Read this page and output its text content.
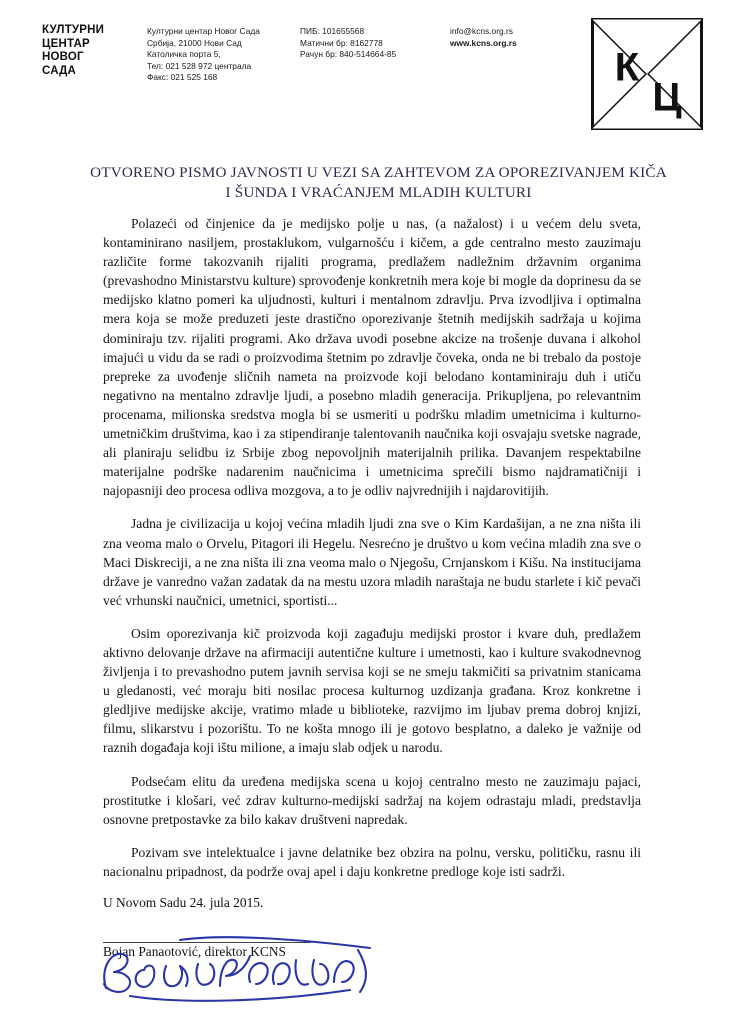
КУЛТУРНИ
ЦЕНТАР
НОВОГ
САДА
Културни центар Новог Сада
Србија, 21000 Нови Сад
Католичка порта 5,
Тел: 021 528 972 централа
Факс: 021 525 168
ПИБ: 101655568
Матични бр: 8162778
Рачун бр: 840-514664-85
info@kcns.org.rs
www.kcns.org.rs
К
Ц
OTVORENO PISMO JAVNOSTI U VEZI SA ZAHTEVOM ZA OPOREZIVANJEM KIČA
I ŠUNDA I VRAĆANJEM MLADIH KULTURI

Polazeći od činjenice da je medijsko polje u nas, (a nažalost) i u većem delu sveta, kontaminirano nasiljem, prostaklukom, vulgarnošću i kičem, a gde centralno mesto zauzimaju različite forme takozvanih rijaliti programa, predlažem nadležnim državnim organima (prevashodno Ministarstvu kulture) sprovođenje konkretnih mera koje bi mogle da doprinesu da se medijsko klatno pomeri ka uljudnosti, kulturi i mentalnom zdravlju. Prva izvodljiva i optimalna mera koja se može preduzeti jeste drastično oporezivanje štetnih medijskih sadržaja u kojima dominiraju tzv. rijaliti programi. Ako država uvodi posebne akcize na trošenje duvana i alkohol imajući u vidu da se radi o proizvodima štetnim po zdravlje čoveka, onda ne bi trebalo da postoje prepreke za uvođenje sličnih nameta na proizvode koji belodano kontaminiraju duh i utiču negativno na mentalno zdravlje ljudi, a posebno mladih generacija. Prikupljena, po relevantnim procenama, milionska sredstva mogla bi se usmeriti u podršku mladim umetnicima i kulturno-umetničkim društvima, kao i za stipendiranje talentovanih naučnika koji osvajaju svetske nagrade, ali planiraju selidbu iz Srbije zbog nepovoljnih materijalnih prilika. Davanjem respektabilne materijalne podrške nadarenim naučnicima i umetnicima sprečili bismo najdramatičniji i najopasniji deo procesa odliva mozgova, a to je odliv najvrednijih i najdarovitijih.

Jadna je civilizacija u kojoj većina mladih ljudi zna sve o Kim Kardašijan, a ne zna ništa ili zna veoma malo o Orvelu, Pitagori ili Hegelu. Nesrećno je društvo u kom većina mladih zna sve o Maci Diskreciji, a ne zna ništa ili zna veoma malo o Njegošu, Crnjanskom i Kišu. Na institucijama države je vanredno važan zadatak da na mestu uzora mladih naraštaja ne budu starlete i kič pevači već vrhunski naučnici, umetnici, sportisti...

Osim oporezivanja kič proizvoda koji zagađuju medijski prostor i kvare duh, predlažem aktivno delovanje države na afirmaciji autentične kulture i umetnosti, kao i kulture svakodnevnog življenja i to prevashodno putem javnih servisa koji se ne smeju takmičiti sa privatnim stanicama u gledanosti, već moraju biti nosilac procesa kulturnog uzdizanja građana. Kroz konkretne i gledljive medijske akcije, vratimo mlade u biblioteke, razvijmo im ljubav prema dobroj knjizi, filmu, slikarstvu i pozorištu. To ne košta mnogo ili je gotovo besplatno, a daleko je važnije od raznih događaja koji ištu milione, a imaju slab odjek u narodu.

Podsećam elitu da uređena medijska scena u kojoj centralno mesto ne zauzimaju pajaci, prostitutke i klošari, već zdrav kulturno-medijski sadržaj na kojem odrastaju mladi, predstavlja osnovne pretpostavke za bilo kakav društveni napredak.

Pozivam sve intelektualce i javne delatnike bez obzira na polnu, versku, političku, rasnu ili nacionalnu pripadnost, da podrže ovaj apel i daju konkretne predloge koje isti sadrži.

U Novom Sadu 24. jula 2015.

Bojan Panaotović, direktor KCNS
